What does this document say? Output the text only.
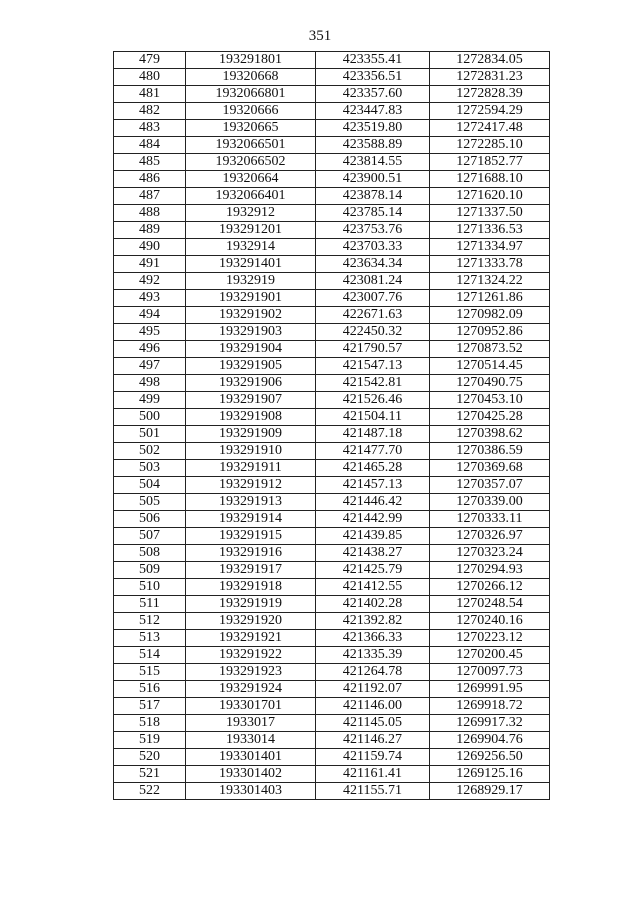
351
479	193291801	423355.41	1272834.05
480	19320668	423356.51	1272831.23
481	1932066801	423357.60	1272828.39
482	19320666	423447.83	1272594.29
483	19320665	423519.80	1272417.48
484	1932066501	423588.89	1272285.10
485	1932066502	423814.55	1271852.77
486	19320664	423900.51	1271688.10
487	1932066401	423878.14	1271620.10
488	1932912	423785.14	1271337.50
489	193291201	423753.76	1271336.53
490	1932914	423703.33	1271334.97
491	193291401	423634.34	1271333.78
492	1932919	423081.24	1271324.22
493	193291901	423007.76	1271261.86
494	193291902	422671.63	1270982.09
495	193291903	422450.32	1270952.86
496	193291904	421790.57	1270873.52
497	193291905	421547.13	1270514.45
498	193291906	421542.81	1270490.75
499	193291907	421526.46	1270453.10
500	193291908	421504.11	1270425.28
501	193291909	421487.18	1270398.62
502	193291910	421477.70	1270386.59
503	193291911	421465.28	1270369.68
504	193291912	421457.13	1270357.07
505	193291913	421446.42	1270339.00
506	193291914	421442.99	1270333.11
507	193291915	421439.85	1270326.97
508	193291916	421438.27	1270323.24
509	193291917	421425.79	1270294.93
510	193291918	421412.55	1270266.12
511	193291919	421402.28	1270248.54
512	193291920	421392.82	1270240.16
513	193291921	421366.33	1270223.12
514	193291922	421335.39	1270200.45
515	193291923	421264.78	1270097.73
516	193291924	421192.07	1269991.95
517	193301701	421146.00	1269918.72
518	1933017	421145.05	1269917.32
519	1933014	421146.27	1269904.76
520	193301401	421159.74	1269256.50
521	193301402	421161.41	1269125.16
522	193301403	421155.71	1268929.17
